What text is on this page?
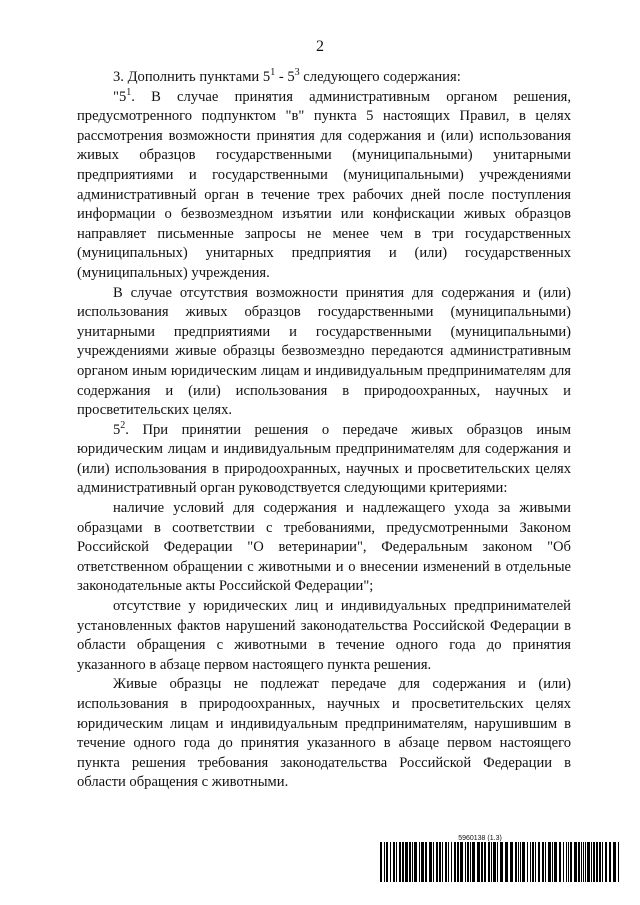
2

3. Дополнить пунктами $5^1 - 5^3$ следующего содержания:

"$5^1$. В случае принятия административным органом решения, предусмотренного подпунктом "в" пункта 5 настоящих Правил, в целях рассмотрения возможности принятия для содержания и (или) использования живых образцов государственными (муниципальными) унитарными предприятиями и государственными (муниципальными) учреждениями административный орган в течение трех рабочих дней после поступления информации о безвозмездном изъятии или конфискации живых образцов направляет письменные запросы не менее чем в три государственных (муниципальных) унитарных предприятия и (или) государственных (муниципальных) учреждения.

В случае отсутствия возможности принятия для содержания и (или) использования живых образцов государственными (муниципальными) унитарными предприятиями и государственными (муниципальными) учреждениями живые образцы безвозмездно передаются административным органом иным юридическим лицам и индивидуальным предпринимателям для содержания и (или) использования в природоохранных, научных и просветительских целях.

$5^2$. При принятии решения о передаче живых образцов иным юридическим лицам и индивидуальным предпринимателям для содержания и (или) использования в природоохранных, научных и просветительских целях административный орган руководствуется следующими критериями:

наличие условий для содержания и надлежащего ухода за живыми образцами в соответствии с требованиями, предусмотренными Законом Российской Федерации "О ветеринарии", Федеральным законом "Об ответственном обращении с животными и о внесении изменений в отдельные законодательные акты Российской Федерации";

отсутствие у юридических лиц и индивидуальных предпринимателей установленных фактов нарушений законодательства Российской Федерации в области обращения с животными в течение одного года до принятия указанного в абзаце первом настоящего пункта решения.

Живые образцы не подлежат передаче для содержания и (или) использования в природоохранных, научных и просветительских целях юридическим лицам и индивидуальным предпринимателям, нарушившим в течение одного года до принятия указанного в абзаце первом настоящего пункта решения требования законодательства Российской Федерации в области обращения с животными.

5960138 (1.3)
